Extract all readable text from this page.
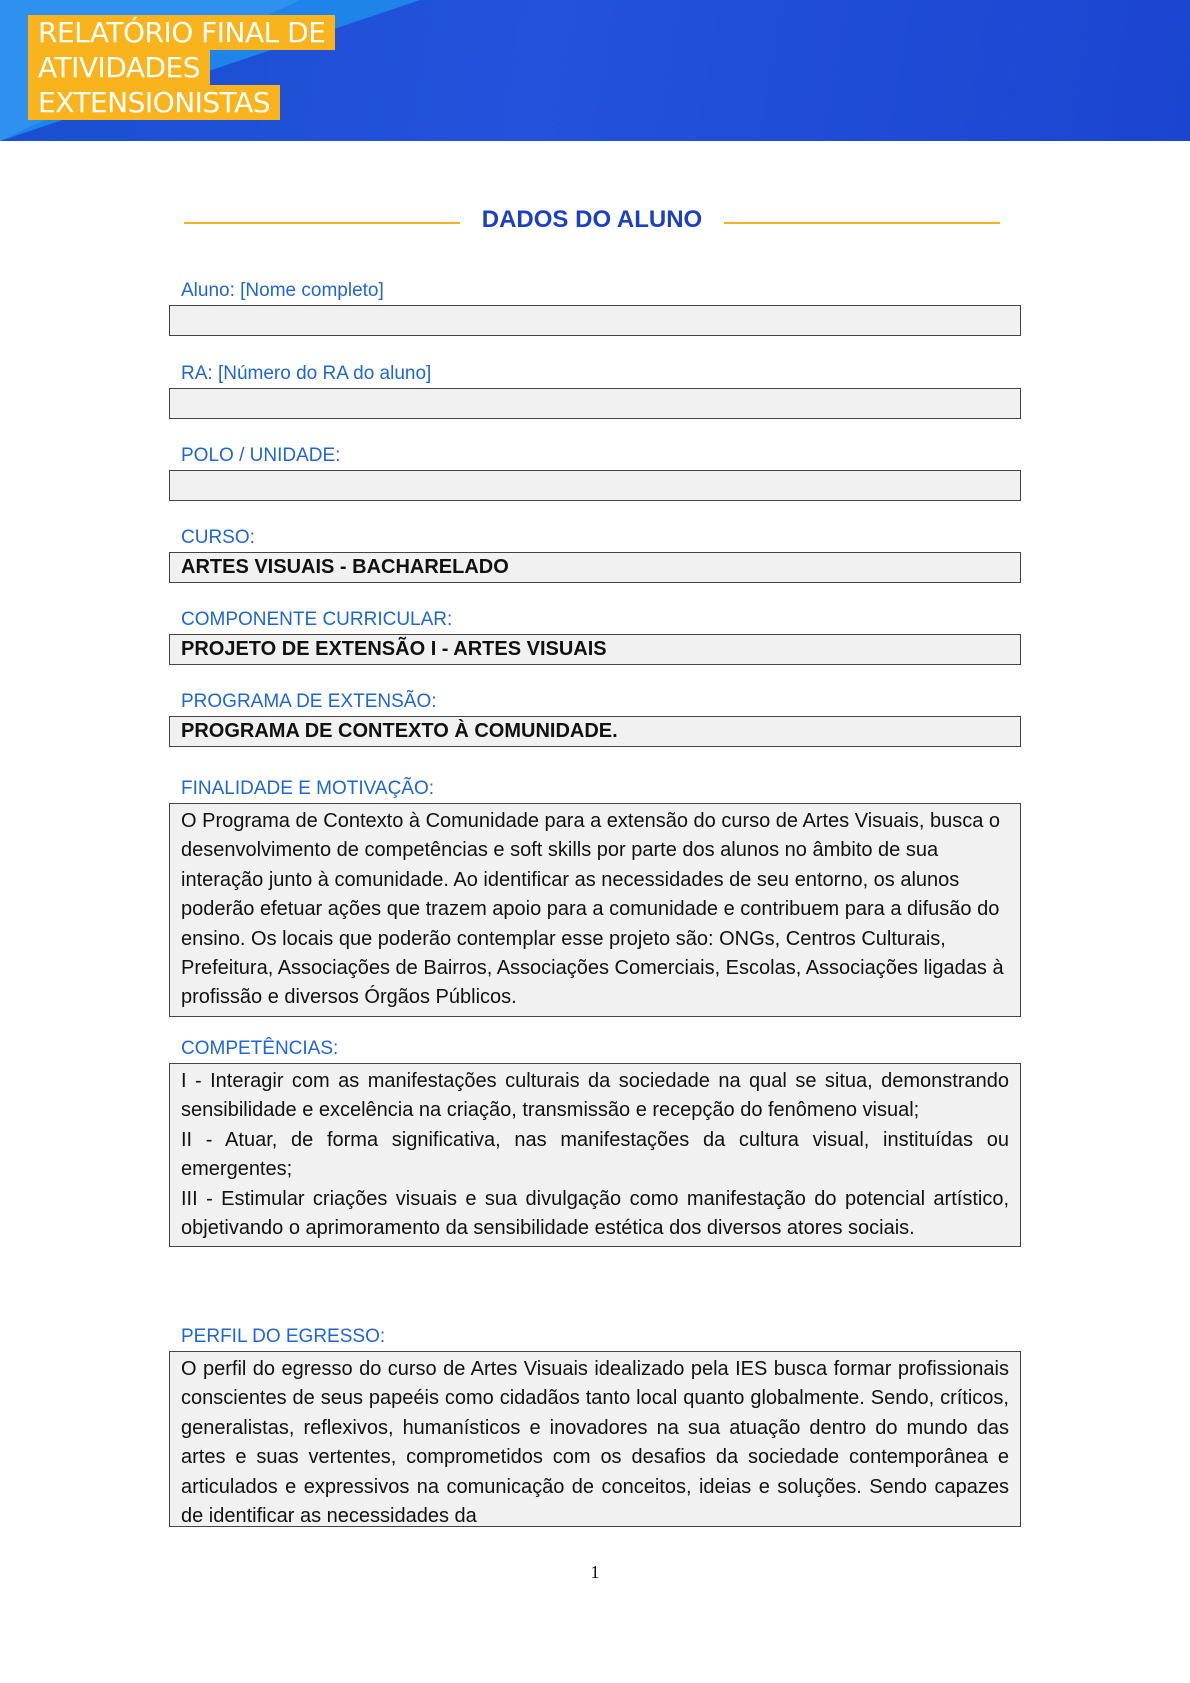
RELATÓRIO FINAL DE
ATIVIDADES
EXTENSIONISTAS
DADOS DO ALUNO
Aluno: [Nome completo]
RA: [Número do RA do aluno]
POLO / UNIDADE:
CURSO:
ARTES VISUAIS - BACHARELADO
COMPONENTE CURRICULAR:
PROJETO DE EXTENSÃO I - ARTES VISUAIS
PROGRAMA DE EXTENSÃO:
PROGRAMA DE CONTEXTO À COMUNIDADE.
FINALIDADE E MOTIVAÇÃO:
O Programa de Contexto à Comunidade para a extensão do curso de Artes Visuais, busca o desenvolvimento de competências e soft skills por parte dos alunos no âmbito de sua interação junto à comunidade. Ao identificar as necessidades de seu entorno, os alunos poderão efetuar ações que trazem apoio para a comunidade e contribuem para a difusão do ensino. Os locais que poderão contemplar esse projeto são: ONGs, Centros Culturais, Prefeitura, Associações de Bairros, Associações Comerciais, Escolas, Associações ligadas à profissão e diversos Órgãos Públicos.
COMPETÊNCIAS:
I - Interagir com as manifestações culturais da sociedade na qual se situa, demonstrando sensibilidade e excelência na criação, transmissão e recepção do fenômeno visual;
II - Atuar, de forma significativa, nas manifestações da cultura visual, instituídas ou emergentes;
III - Estimular criações visuais e sua divulgação como manifestação do potencial artístico, objetivando o aprimoramento da sensibilidade estética dos diversos atores sociais.
PERFIL DO EGRESSO:
O perfil do egresso do curso de Artes Visuais idealizado pela IES busca formar profissionais conscientes de seus papeéis como cidadãos tanto local quanto globalmente. Sendo, críticos, generalistas, reflexivos, humanísticos e inovadores na sua atuação dentro do mundo das artes e suas vertentes, comprometidos com os desafios da sociedade contemporânea e articulados e expressivos na comunicação de conceitos, ideias e soluções. Sendo capazes de identificar as necessidades da
1
